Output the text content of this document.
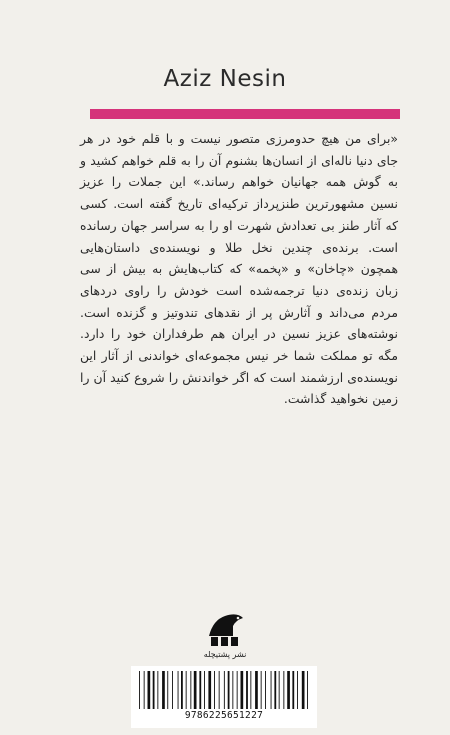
Aziz Nesin
«برای من هیچ حدومرزی متصور نیست و با قلم خود در هر جای دنیا ناله‌ای از انسان‌ها بشنوم آن را به قلم خواهم کشید و به گوش همه جهانیان خواهم رساند.» این جملات را عزیز نسین مشهورترین طنزپرداز ترکیه‌ای تاریخ گفته است. کسی که آثار طنز بی تعدادش شهرت او را به سراسر جهان رسانده است. برنده‌ی چندین نخل طلا و نویسنده‌ی داستان‌هایی همچون «چاخان» و «پخمه» که کتاب‌هایش به بیش از سی زبان زنده‌ی دنیا ترجمه‌شده است خودش را راوی دردهای مردم می‌داند و آثارش پر از نقدهای تندوتیز و گزنده است. نوشته‌های عزیز نسین در ایران هم طرفداران خود را دارد. مگه تو مملکت شما خر نیس مجموعه‌ای خواندنی از آثار این نویسنده‌ی ارزشمند است که اگر خواندنش را شروع کنید آن را زمین نخواهید گذاشت.
نشر پشتیچله
9786225651227
